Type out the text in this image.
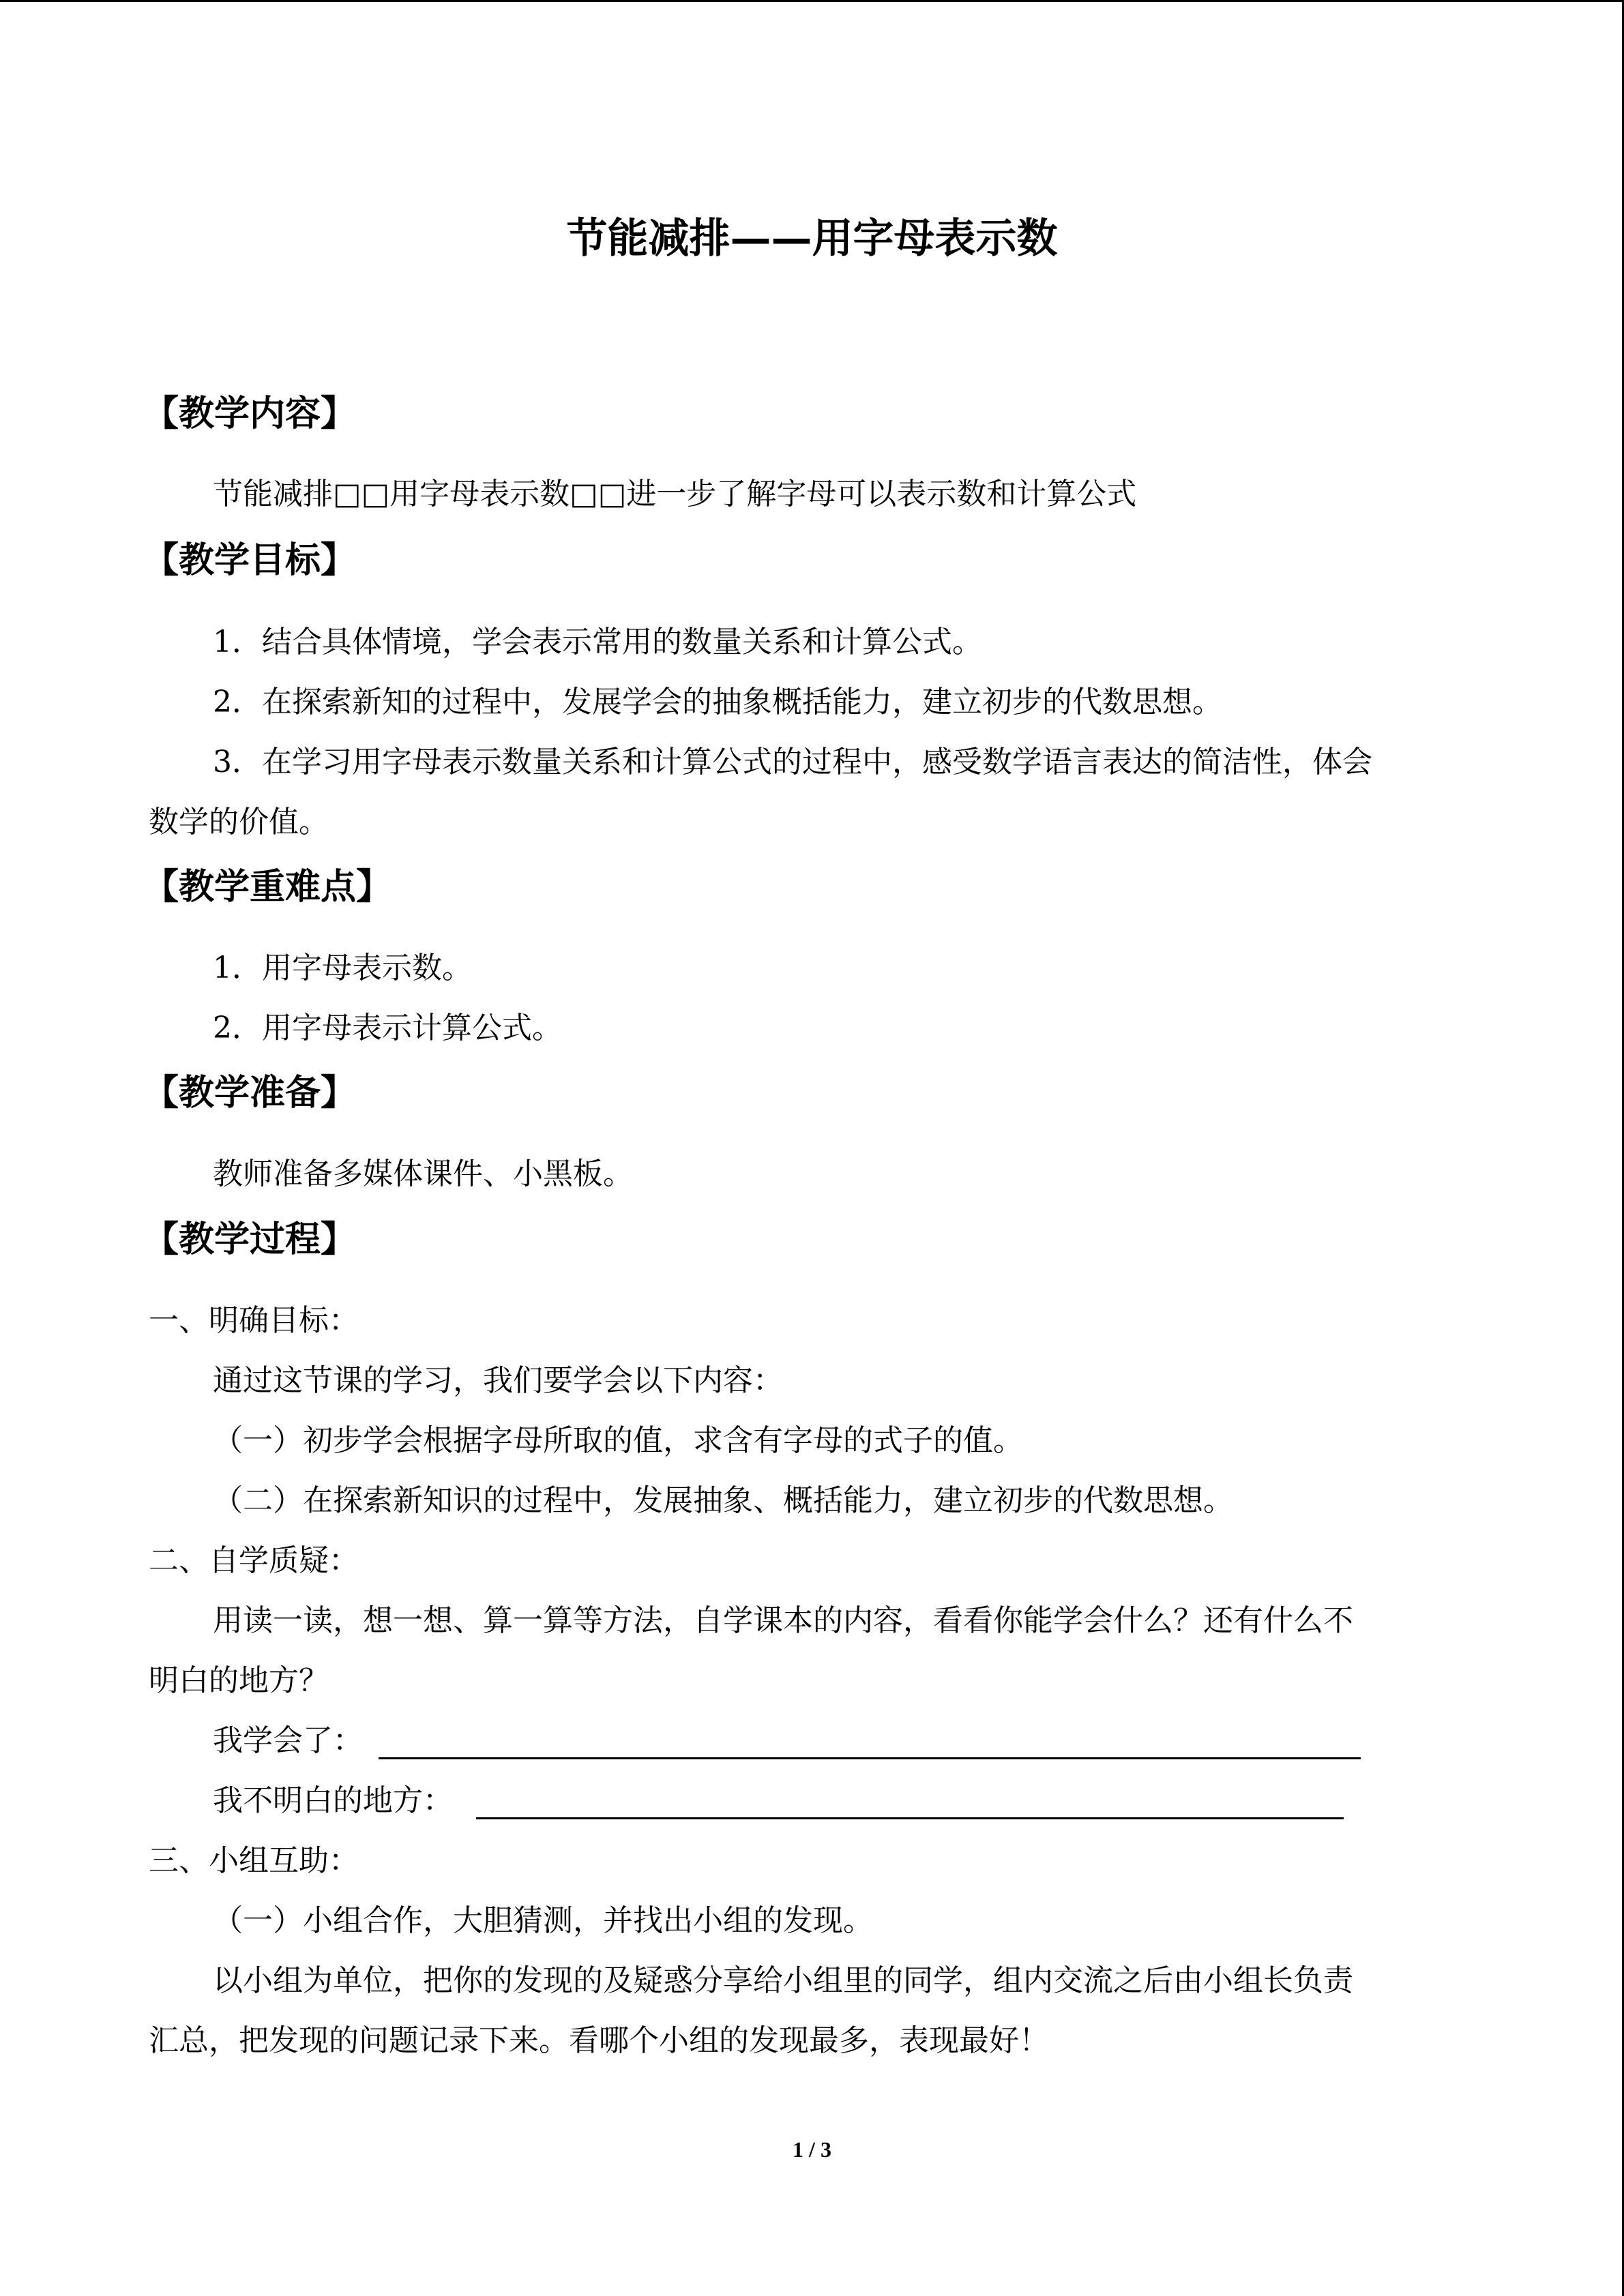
节能减排——用字母表示数
【教学内容】
节能减排□□用字母表示数□□进一步了解字母可以表示数和计算公式
【教学目标】
1．结合具体情境，学会表示常用的数量关系和计算公式。
2．在探索新知的过程中，发展学会的抽象概括能力，建立初步的代数思想。
3．在学习用字母表示数量关系和计算公式的过程中，感受数学语言表达的简洁性，体会
数学的价值。
【教学重难点】
1．用字母表示数。
2．用字母表示计算公式。
【教学准备】
教师准备多媒体课件、小黑板。
【教学过程】
一、明确目标：
通过这节课的学习，我们要学会以下内容：
（一）初步学会根据字母所取的值，求含有字母的式子的值。
（二）在探索新知识的过程中，发展抽象、概括能力，建立初步的代数思想。
二、自学质疑：
用读一读，想一想、算一算等方法，自学课本的内容，看看你能学会什么？还有什么不
明白的地方？
我学会了：
我不明白的地方：
三、小组互助：
（一）小组合作，大胆猜测，并找出小组的发现。
以小组为单位，把你的发现的及疑惑分享给小组里的同学，组内交流之后由小组长负责
汇总，把发现的问题记录下来。看哪个小组的发现最多，表现最好！
1 / 3
